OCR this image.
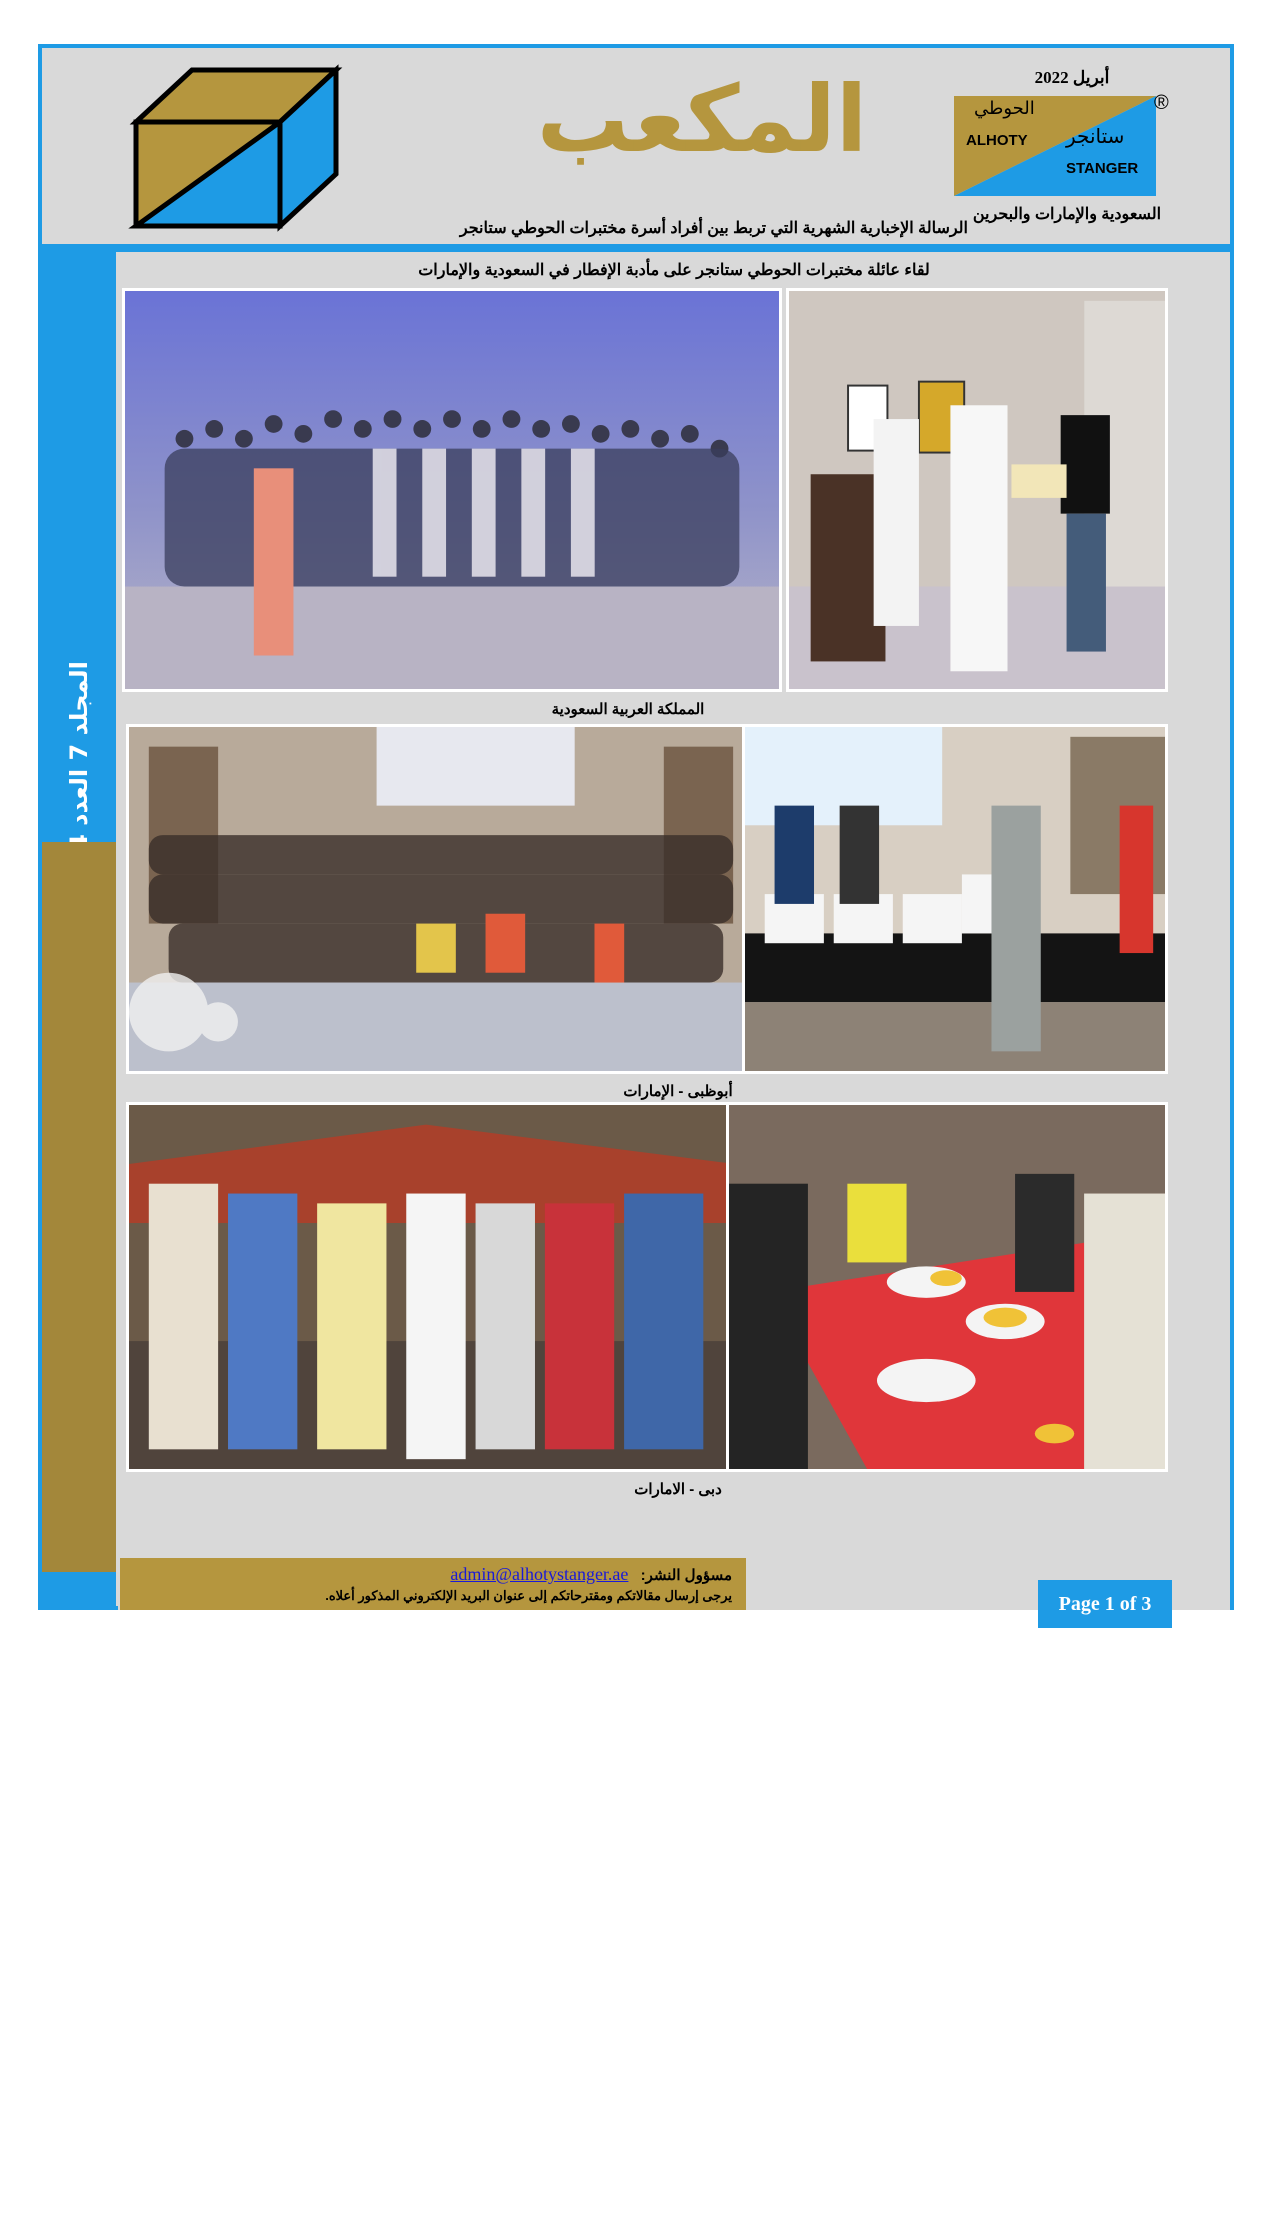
المكعب
الرسالة الإخبارية الشهرية التي تربط بين أفراد أسرة مختبرات الحوطي ستانجر
أبريل 2022
الحوطي
ALHOTY ستانجر
STANGER
®
السعودية والإمارات والبحرين
المجلد 7 العدد
www.alhotystangeruae.com
لقاء عائلة مختبرات الحوطي ستانجر على مأدبة الإفطار في السعودية والإمارات
المملكة العربية السعودية
أبوظبى - الإمارات
دبى - الامارات
مسؤول النشر: admin@alhotystanger.ae
يرجى إرسال مقالاتكم ومقترحاتكم إلى عنوان البريد الإلكتروني المذكور أعلاه.	Page 1 of 3
